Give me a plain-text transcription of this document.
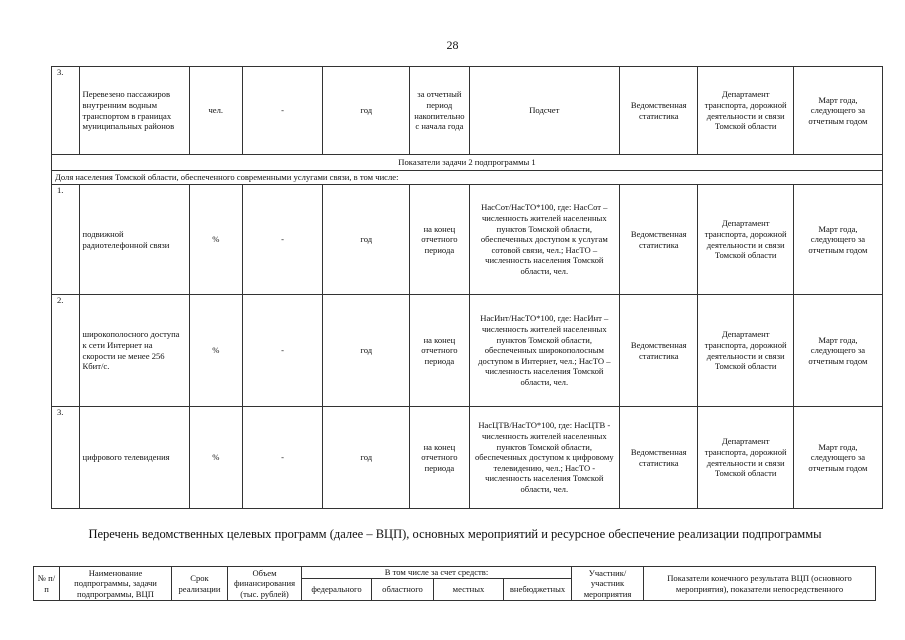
28
3.	Перевезено пассажиров внутренним водным транспортом в границах муниципальных районов	чел.	-	год	за отчетный период накопительно с начала года	Подсчет	Ведомственная статистика	Департамент транспорта, дорожной деятельности и связи Томской области	Март года, следующего за отчетным годом
Показатели задачи 2 подпрограммы 1									
Доля населения Томской области, обеспеченного современными услугами связи, в том числе:									
1.	подвижной радиотелефонной связи	%	-	год	на конец отчетного периода	НасСот/НасТО*100, где: НасСот – численность жителей населенных пунктов Томской области, обеспеченных доступом к услугам сотовой связи, чел.; НасТО – численность населения Томской области, чел.	Ведомственная статистика	Департамент транспорта, дорожной деятельности и связи Томской области	Март года, следующего за отчетным годом
2.	широкополосного доступа к сети Интернет на скорости не менее 256 Кбит/с.	%	-	год	на конец отчетного периода	НасИнт/НасТО*100, где: НасИнт – численность жителей населенных пунктов Томской области, обеспеченных широкополосным доступом в Интернет, чел.; НасТО – численность населения Томской области, чел.	Ведомственная статистика	Департамент транспорта, дорожной деятельности и связи Томской области	Март года, следующего за отчетным годом
3.	цифрового телевидения	%	-	год	на конец отчетного периода	НасЦТВ/НасТО*100, где: НасЦТВ - численность жителей населенных пунктов Томской области, обеспеченных доступом к цифровому телевидению, чел.; НасТО - численность населения Томской области, чел.	Ведомственная статистика	Департамент транспорта, дорожной деятельности и связи Томской области	Март года, следующего за отчетным годом
Перечень ведомственных целевых программ (далее – ВЦП), основных мероприятий и ресурсное обеспечение реализации подпрограммы
№ п/п	Наименование подпрограммы, задачи подпрограммы, ВЦП	Срок реализации	Объем финансирования (тыс. рублей)	В том числе за счет средств:				Участник/ участник мероприятия	Показатели конечного результата ВЦП (основного мероприятия), показатели непосредственного
				федерального	областного	местных	внебюджетных		
